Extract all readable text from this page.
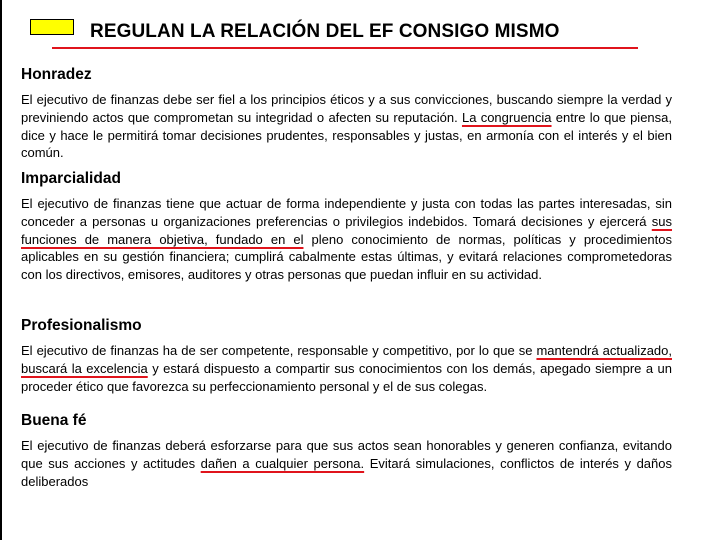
REGULAN LA RELACIÓN DEL EF CONSIGO MISMO
Honradez

El ejecutivo de finanzas debe ser fiel a los principios éticos y a sus convicciones, buscando siempre la verdad y previniendo actos que comprometan su integridad o afecten su reputación. La congruencia entre lo que piensa, dice y hace le permitirá tomar decisiones prudentes, responsables y justas, en armonía con el interés y el bien común.

Imparcialidad

El ejecutivo de finanzas tiene que actuar de forma independiente y justa con todas las partes interesadas, sin conceder a personas u organizaciones preferencias o privilegios indebidos. Tomará decisiones y ejercerá sus funciones de manera objetiva, fundado en el pleno conocimiento de normas, políticas y procedimientos aplicables en su gestión financiera; cumplirá cabalmente estas últimas, y evitará relaciones comprometedoras con los directivos, emisores, auditores y otras personas que puedan influir en su actividad.

Profesionalismo

El ejecutivo de finanzas ha de ser competente, responsable y competitivo, por lo que se mantendrá actualizado, buscará la excelencia y estará dispuesto a compartir sus conocimientos con los demás, apegado siempre a un proceder ético que favorezca su perfeccionamiento personal y el de sus colegas.

Buena fé

El ejecutivo de finanzas deberá esforzarse para que sus actos sean honorables y generen confianza, evitando que sus acciones y actitudes dañen a cualquier persona. Evitará simulaciones, conflictos de interés y daños deliberados
